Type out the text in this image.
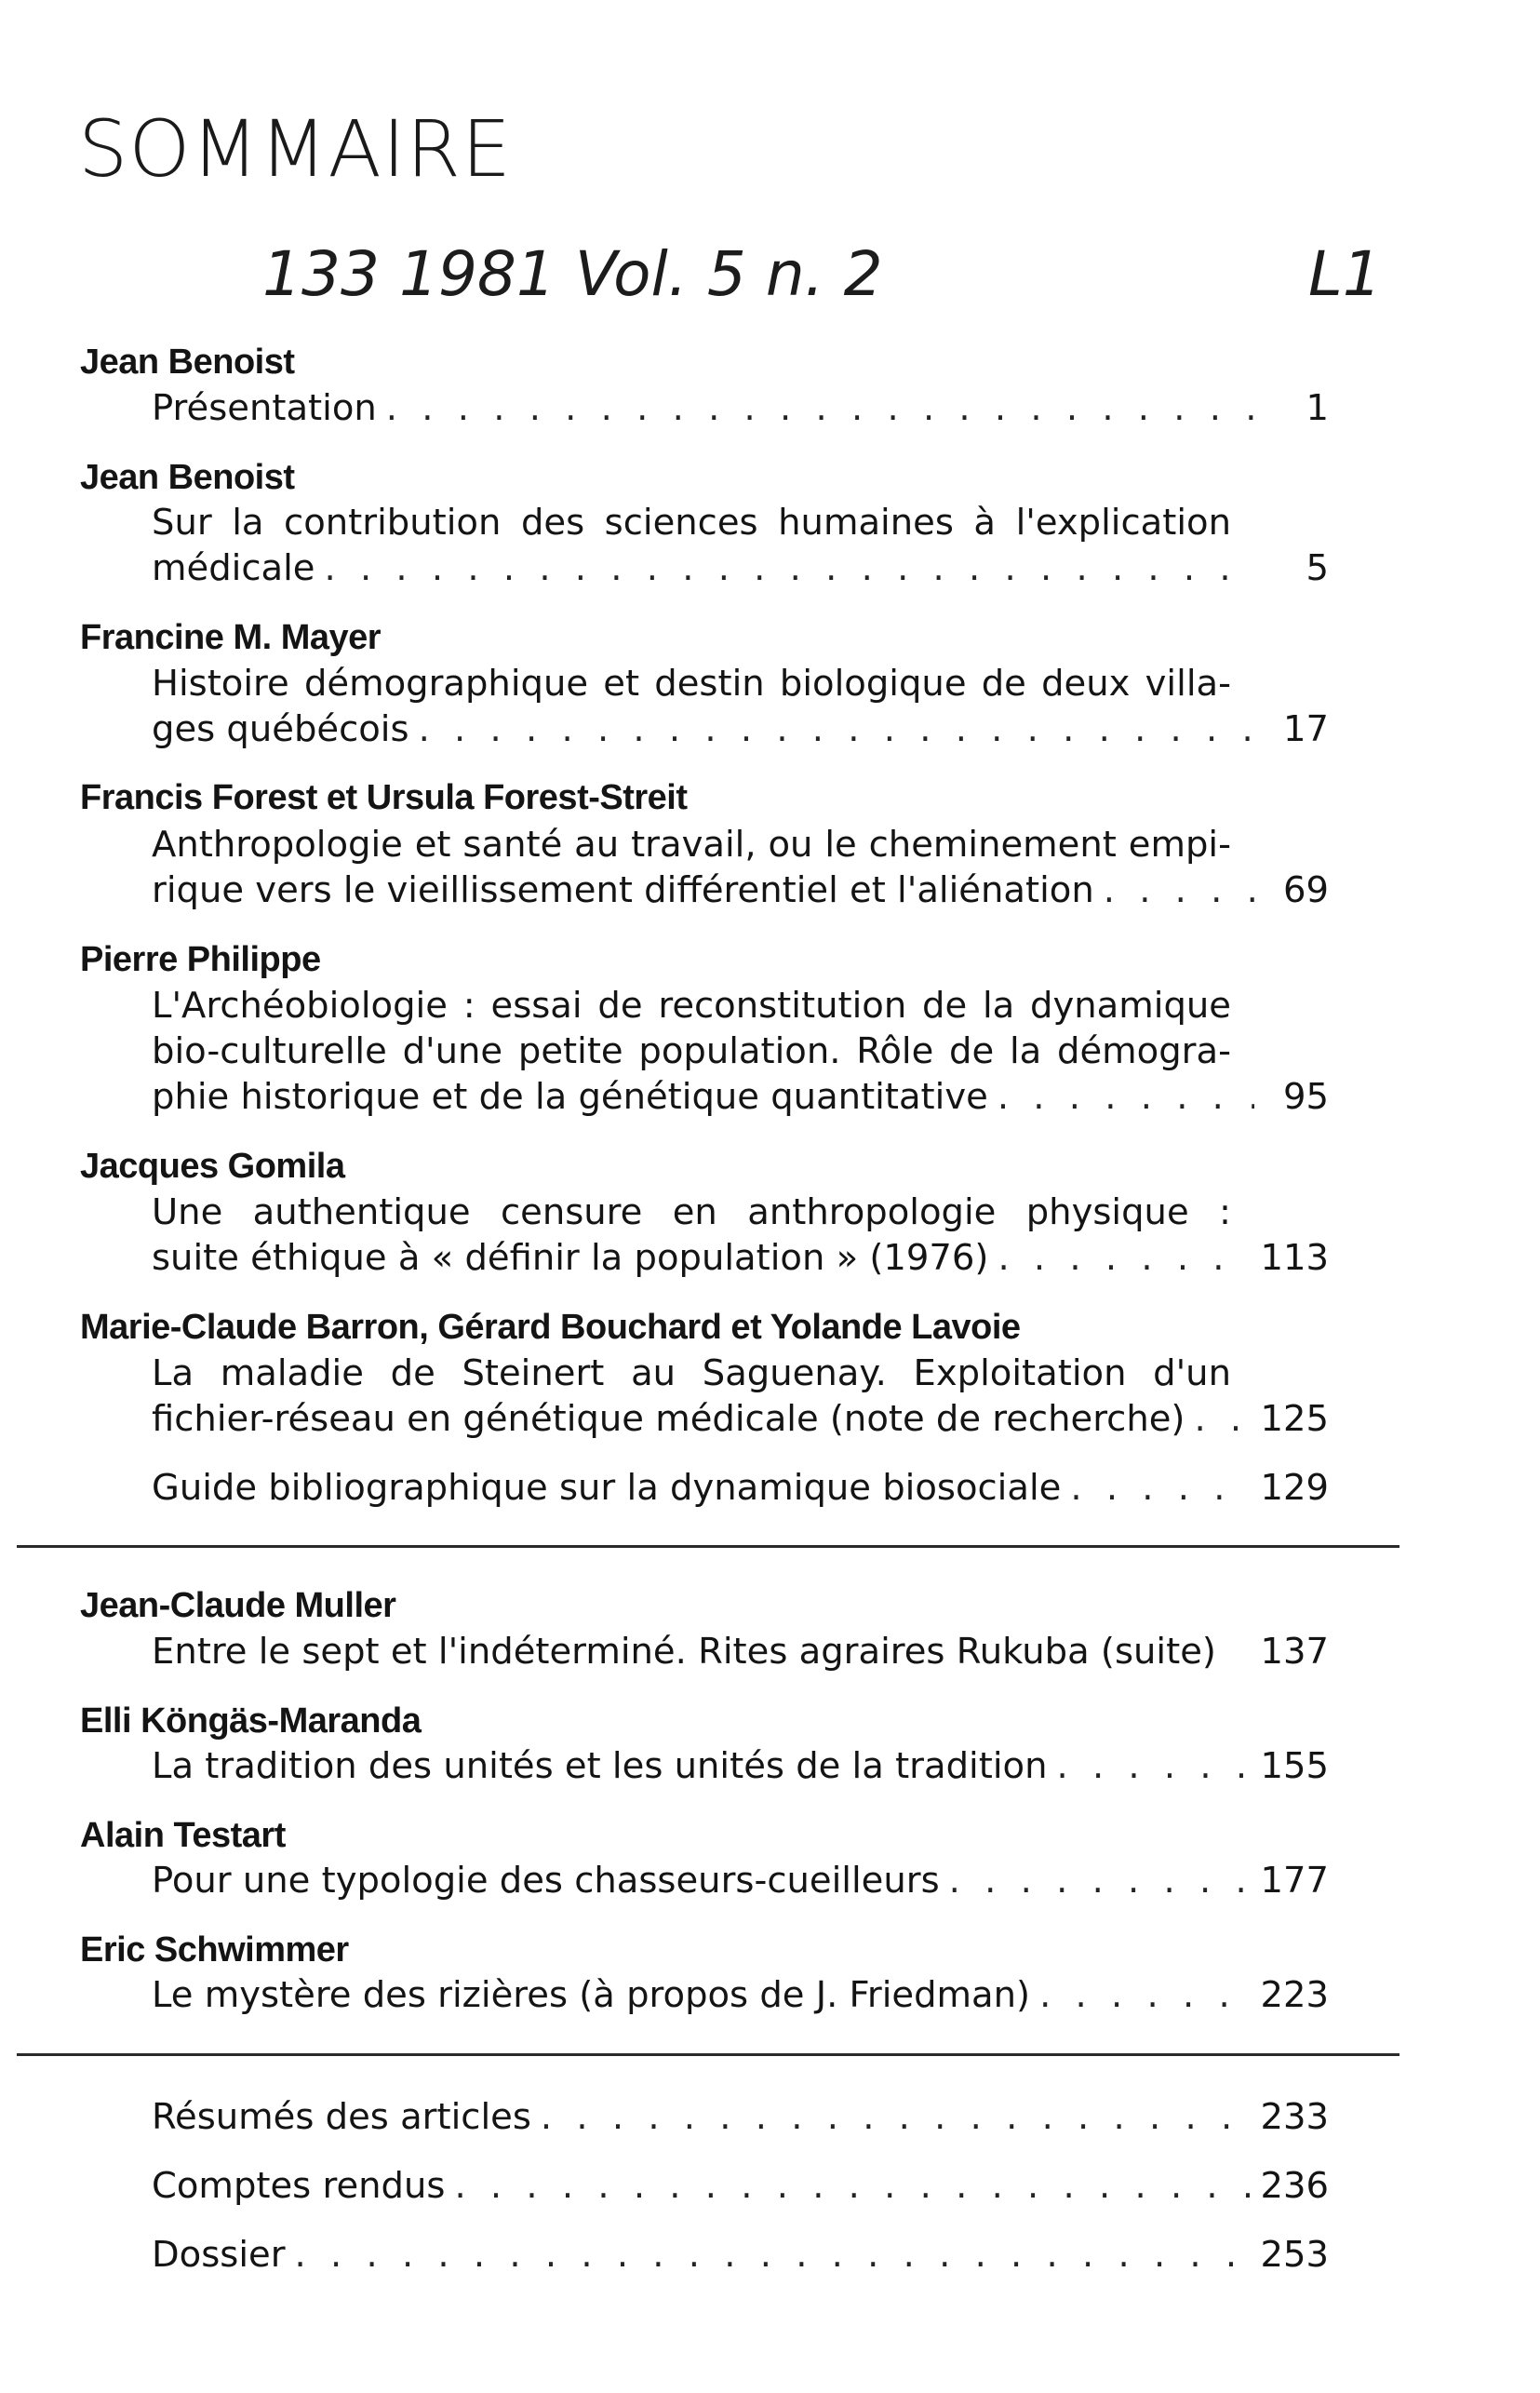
SOMMAIRE
133 1981 Vol. 5 n. 2	L1
Jean Benoist
Présentation . . .	1
Jean Benoist
Sur la contribution des sciences humaines à l'explication
médicale . . .	5
Francine M. Mayer
Histoire démographique et destin biologique de deux villa-
ges québécois . . .	17
Francis Forest et Ursula Forest-Streit
Anthropologie et santé au travail, ou le cheminement empi-
rique vers le vieillissement différentiel et l'aliénation . . .	69
Pierre Philippe
L'Archéobiologie : essai de reconstitution de la dynamique
bio-culturelle d'une petite population. Rôle de la démogra-
phie historique et de la génétique quantitative . . .	95
Jacques Gomila
Une authentique censure en anthropologie physique :
suite éthique à « définir la population » (1976) . . .	113
Marie-Claude Barron, Gérard Bouchard et Yolande Lavoie
La maladie de Steinert au Saguenay. Exploitation d'un
fichier-réseau en génétique médicale (note de recherche) . . . 125
Guide bibliographique sur la dynamique biosociale . . .	129
Jean-Claude Muller
Entre le sept et l'indéterminé. Rites agraires Rukuba (suite) 137
Elli Köngäs-Maranda
La tradition des unités et les unités de la tradition . . .	155
Alain Testart
Pour une typologie des chasseurs-cueilleurs . . .	177
Eric Schwimmer
Le mystère des rizières (à propos de J. Friedman) . . .	223
Résumés des articles . . .	233
Comptes rendus . . .	236
Dossier . . .	253
